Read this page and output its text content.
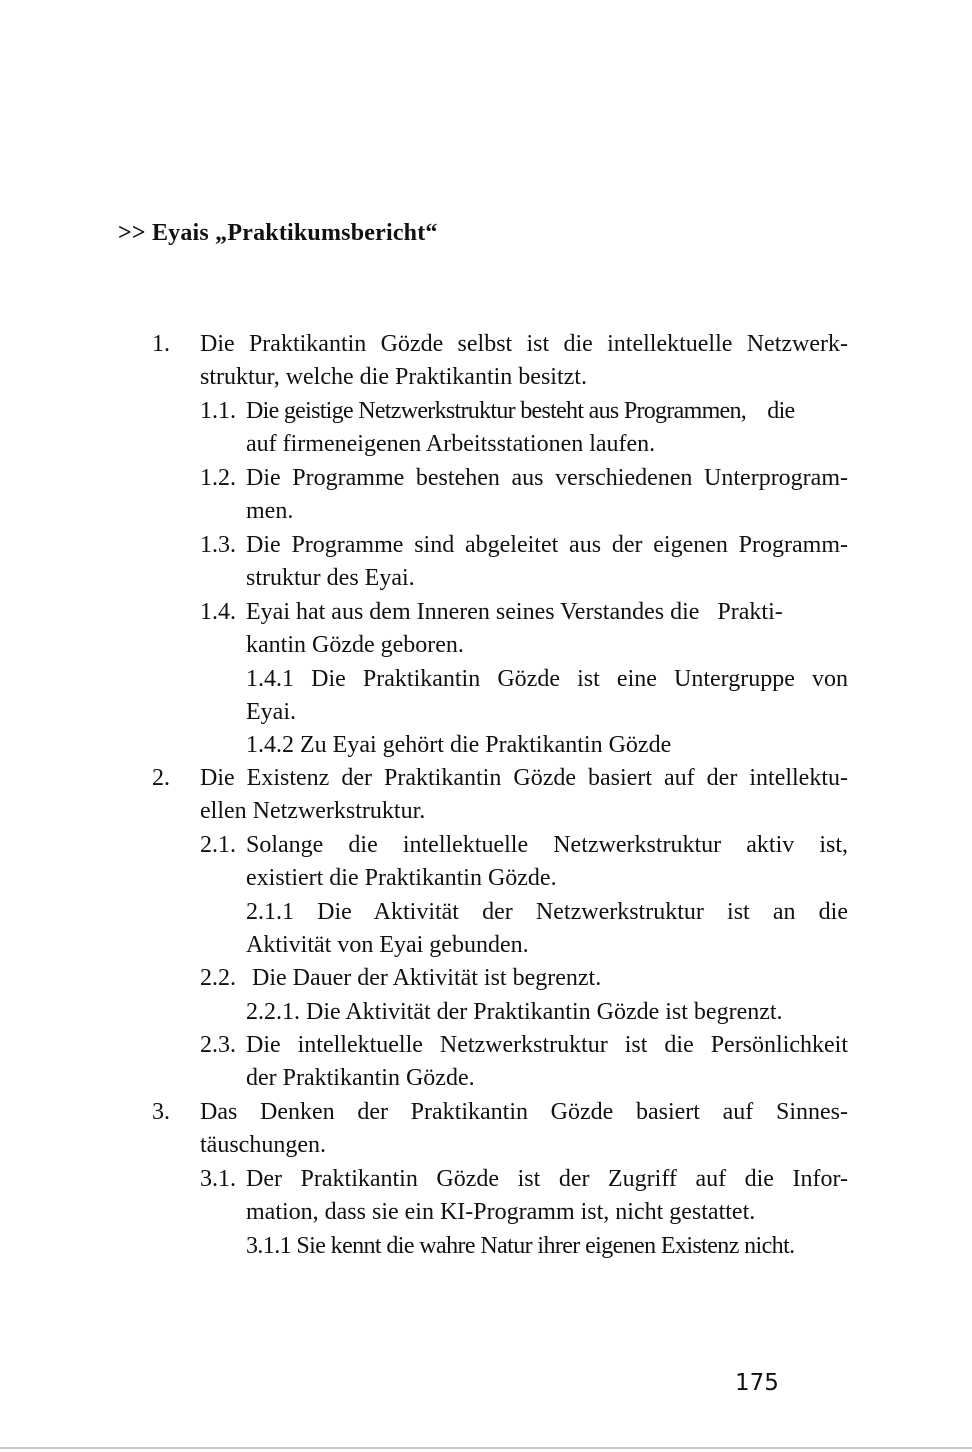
>> Eyais „Praktikumsbericht“
1. Die Praktikantin Gözde selbst ist die intellektuelle Netzwerk-
struktur, welche die Praktikantin besitzt.
1.1. Die geistige Netzwerkstruktur besteht aus Programmen,    die
auf firmeneigenen Arbeitsstationen laufen.
1.2. Die Programme bestehen aus verschiedenen Unterprogram-
men.
1.3. Die Programme sind abgeleitet aus der eigenen Programm-
struktur des Eyai.
1.4. Eyai hat aus dem Inneren seines Verstandes die   Prakti-
kantin Gözde geboren.
1.4.1 Die Praktikantin Gözde ist eine Untergruppe von
Eyai.
1.4.2 Zu Eyai gehört die Praktikantin Gözde
2. Die Existenz der Praktikantin Gözde basiert auf der intellektu-
ellen Netzwerkstruktur.
2.1. Solange die intellektuelle Netzwerkstruktur aktiv ist,
existiert die Praktikantin Gözde.
2.1.1 Die Aktivität der Netzwerkstruktur ist an die
Aktivität von Eyai gebunden.
2.2. Die Dauer der Aktivität ist begrenzt.
2.2.1. Die Aktivität der Praktikantin Gözde ist begrenzt.
2.3. Die intellektuelle Netzwerkstruktur ist die Persönlichkeit
der Praktikantin Gözde.
3. Das Denken der Praktikantin Gözde basiert auf Sinnes-
täuschungen.
3.1. Der Praktikantin Gözde ist der Zugriff auf die Infor-
mation, dass sie ein KI-Programm ist, nicht gestattet.
3.1.1 Sie kennt die wahre Natur ihrer eigenen Existenz nicht.
175
